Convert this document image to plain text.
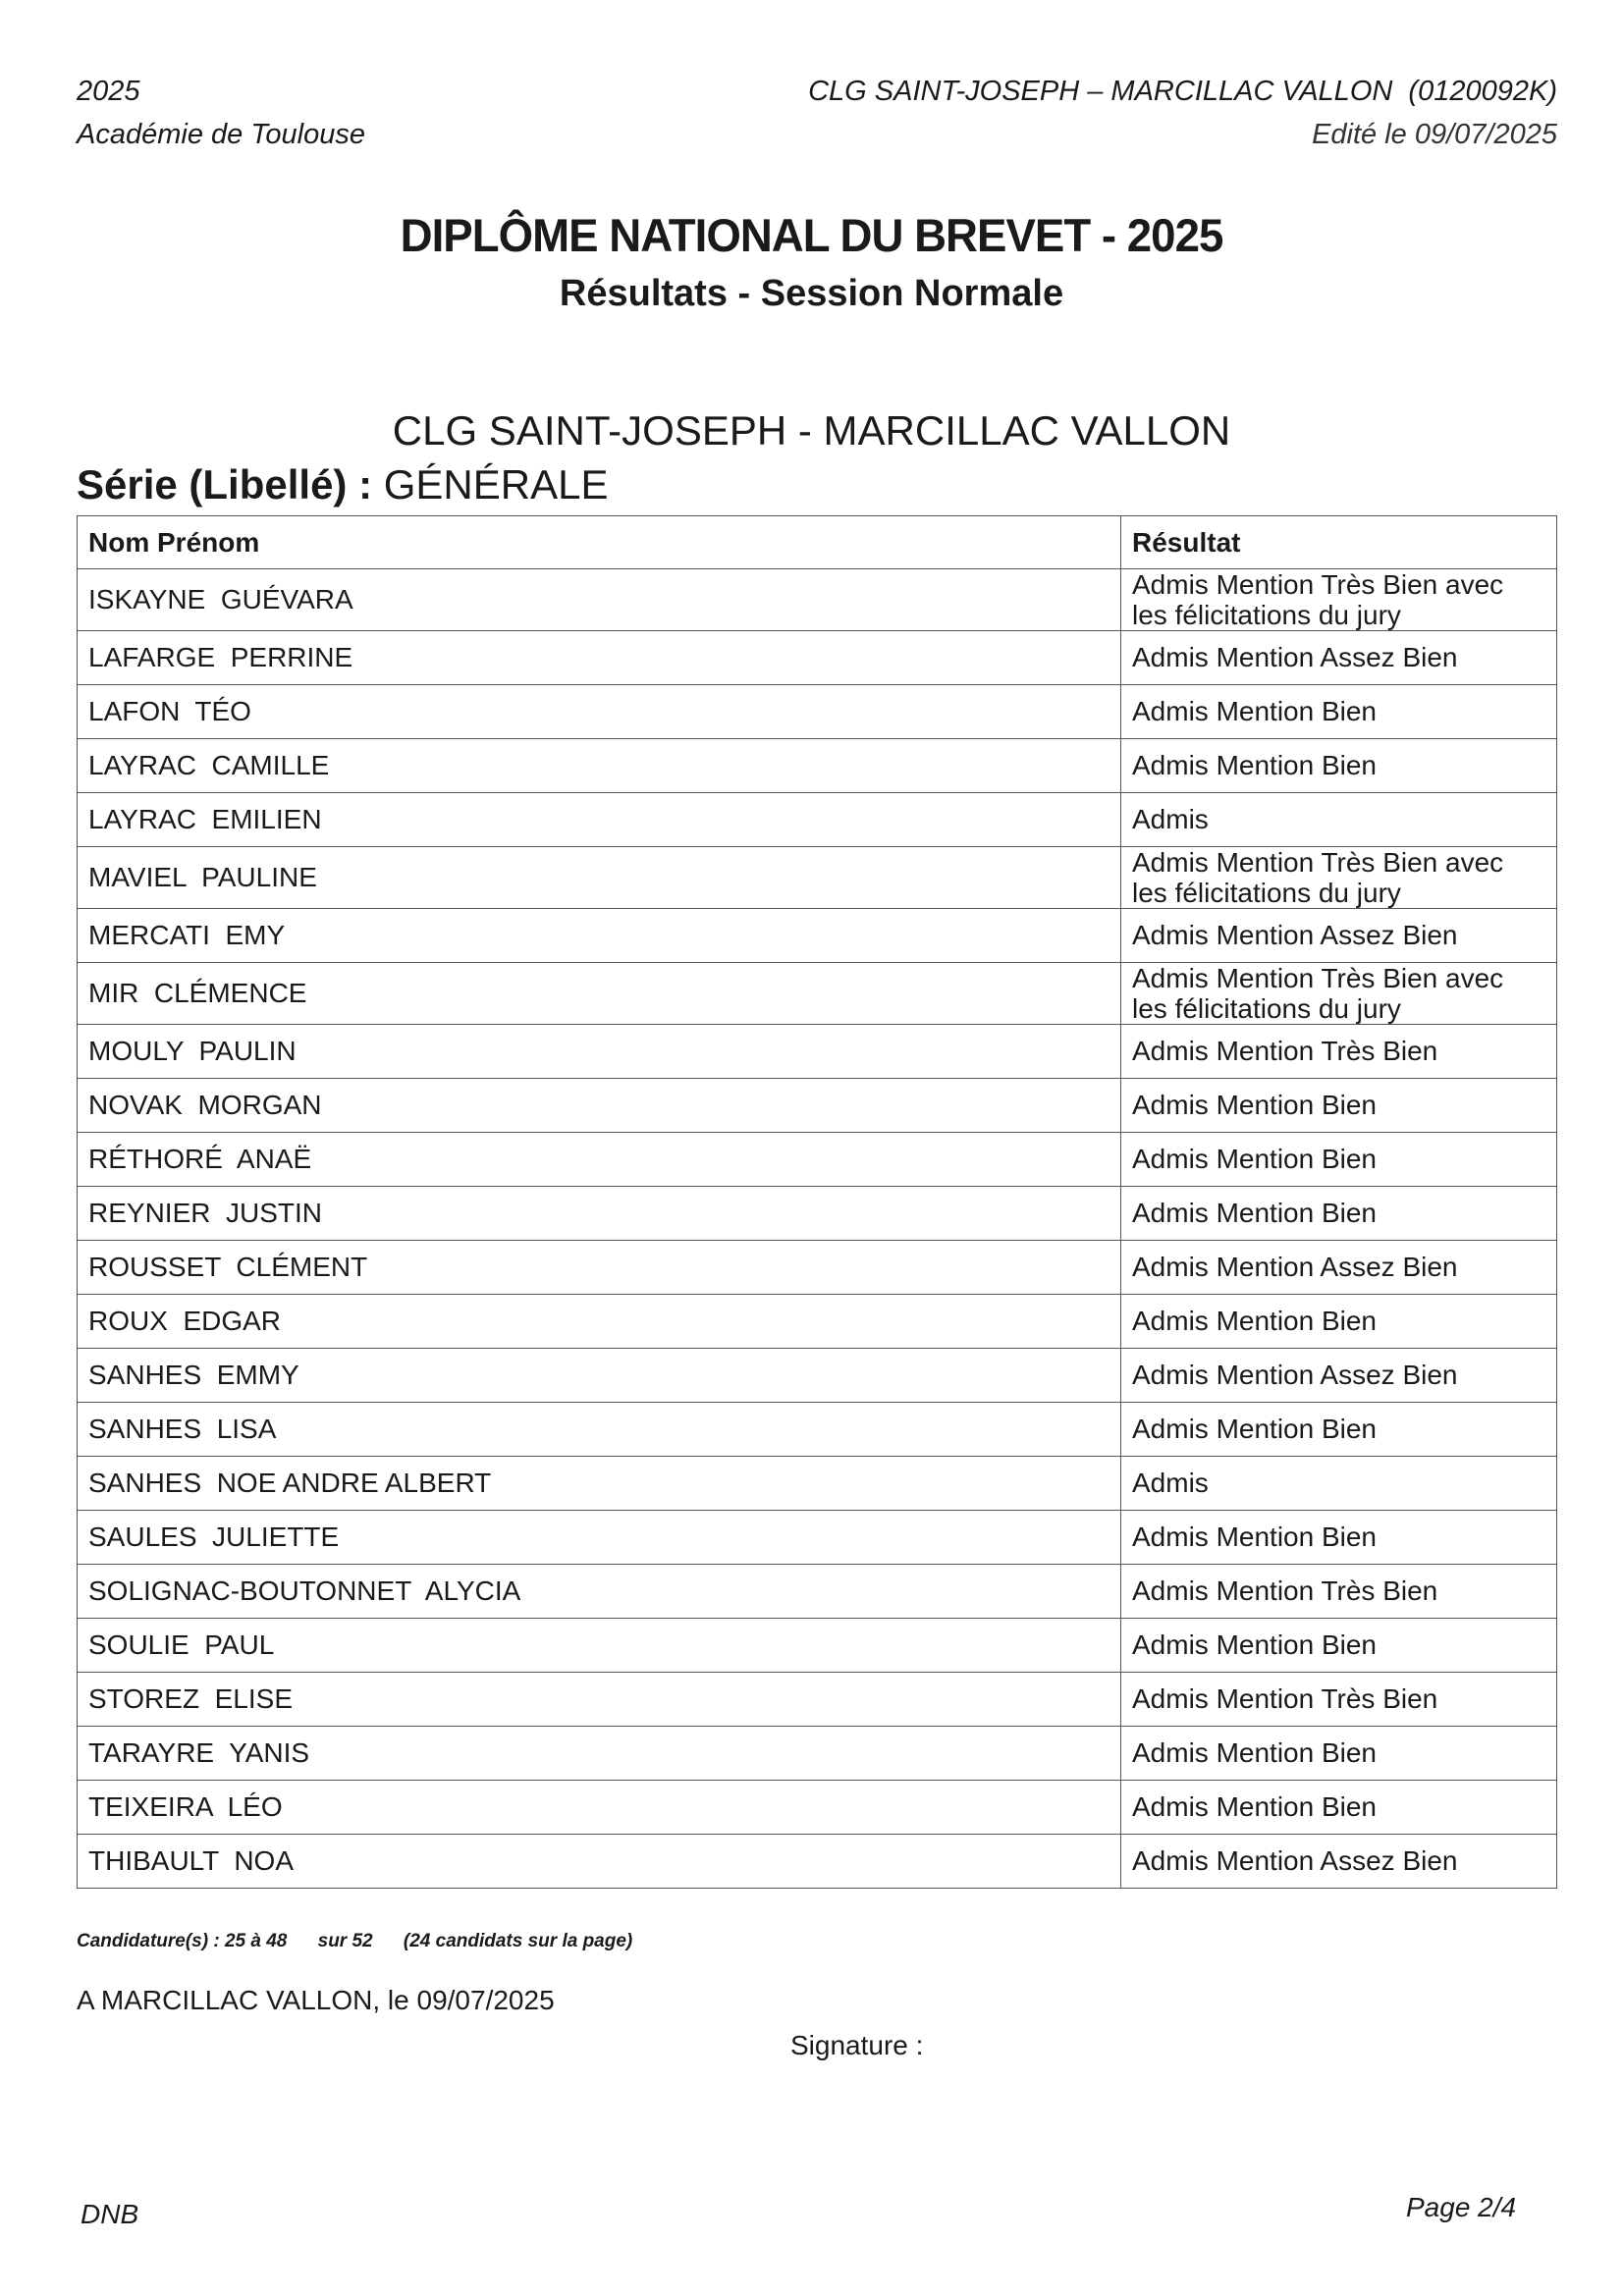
2025
Académie de Toulouse
CLG SAINT-JOSEPH – MARCILLAC VALLON  (0120092K)
Edité le 09/07/2025
DIPLÔME NATIONAL DU BREVET - 2025
Résultats - Session Normale
CLG SAINT-JOSEPH - MARCILLAC VALLON
Série (Libellé) : GÉNÉRALE
Nom Prénom	Résultat
ISKAYNE  GUÉVARA	Admis Mention Très Bien avec les félicitations du jury
LAFARGE  PERRINE	Admis Mention Assez Bien
LAFON  TÉO	Admis Mention Bien
LAYRAC  CAMILLE	Admis Mention Bien
LAYRAC  EMILIEN	Admis
MAVIEL  PAULINE	Admis Mention Très Bien avec les félicitations du jury
MERCATI  EMY	Admis Mention Assez Bien
MIR  CLÉMENCE	Admis Mention Très Bien avec les félicitations du jury
MOULY  PAULIN	Admis Mention Très Bien
NOVAK  MORGAN	Admis Mention Bien
RÉTHORÉ  ANAË	Admis Mention Bien
REYNIER  JUSTIN	Admis Mention Bien
ROUSSET  CLÉMENT	Admis Mention Assez Bien
ROUX  EDGAR	Admis Mention Bien
SANHES  EMMY	Admis Mention Assez Bien
SANHES  LISA	Admis Mention Bien
SANHES  NOE ANDRE ALBERT	Admis
SAULES  JULIETTE	Admis Mention Bien
SOLIGNAC-BOUTONNET  ALYCIA	Admis Mention Très Bien
SOULIE  PAUL	Admis Mention Bien
STOREZ  ELISE	Admis Mention Très Bien
TARAYRE  YANIS	Admis Mention Bien
TEIXEIRA  LÉO	Admis Mention Bien
THIBAULT  NOA	Admis Mention Assez Bien
Candidature(s) : 25 à 48 sur 52 (24 candidats sur la page)
A MARCILLAC VALLON, le 09/07/2025
Signature :
DNB	Page 2/4
